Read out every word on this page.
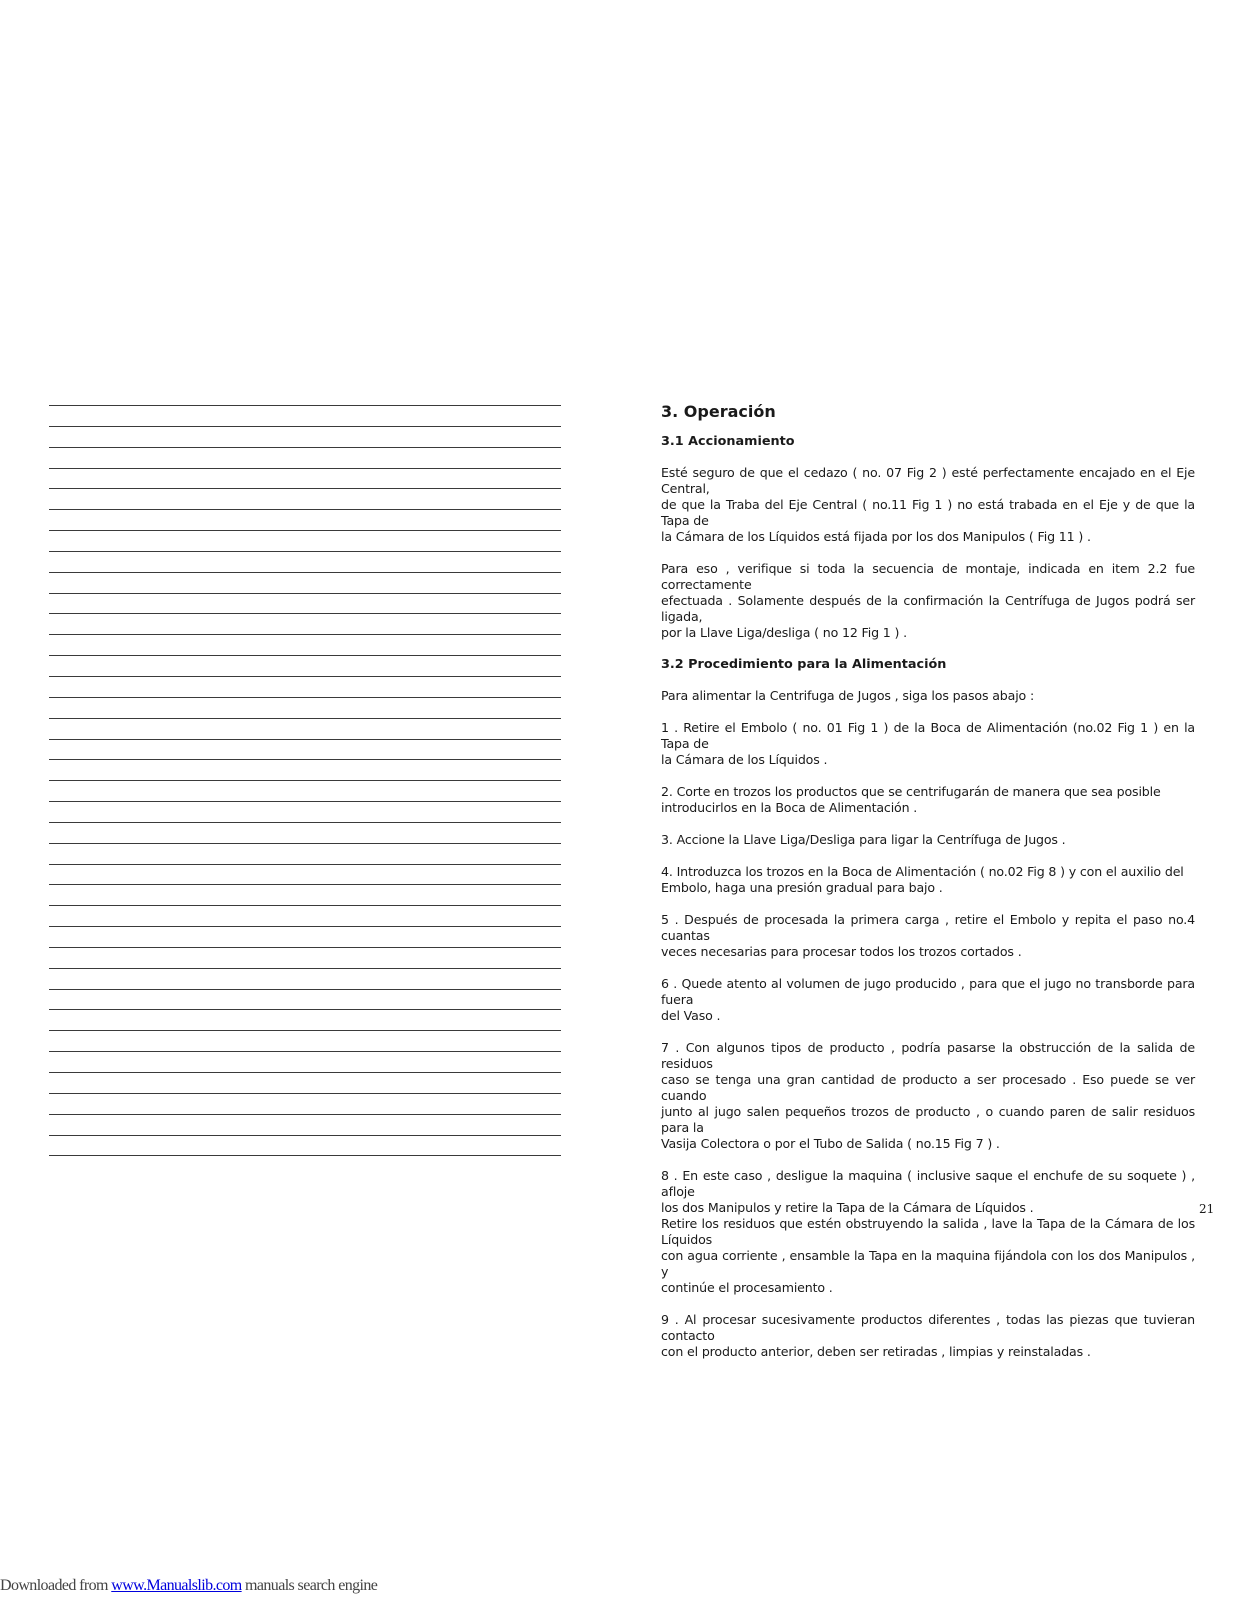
3. Operación
3.1 Accionamiento

Esté seguro de que el cedazo ( no. 07 Fig 2 ) esté perfectamente encajado en el Eje Central,
de que la Traba del Eje Central ( no.11 Fig 1 ) no está trabada en el Eje y de que la Tapa de
la Cámara de los Líquidos está fijada por los dos Manipulos ( Fig 11 ) .

Para eso , verifique si toda la secuencia de montaje, indicada en item 2.2 fue correctamente
efectuada . Solamente después de la confirmación la Centrífuga de Jugos podrá ser ligada,
por la Llave Liga/desliga ( no 12 Fig 1 ) .

3.2 Procedimiento para la Alimentación

Para alimentar la Centrifuga de Jugos , siga los pasos abajo :

1 . Retire el Embolo ( no. 01 Fig 1 ) de la Boca de Alimentación (no.02 Fig 1 ) en la Tapa de
la Cámara de los Líquidos .

2. Corte en trozos los productos que se centrifugarán de manera que sea posible
introducirlos en la Boca de Alimentación .

3. Accione la Llave Liga/Desliga para ligar la Centrífuga de Jugos .

4. Introduzca los trozos en la Boca de Alimentación ( no.02 Fig 8 ) y con el auxilio del
Embolo, haga una presión gradual para bajo .

5 . Después de procesada la primera carga , retire el Embolo y repita el paso no.4 cuantas
veces necesarias para procesar todos los trozos cortados .

6 . Quede atento al volumen de jugo producido , para que el jugo no transborde para fuera
del Vaso .

7 . Con algunos tipos de producto , podría pasarse la obstrucción de la salida de residuos
caso se tenga una gran cantidad de producto a ser procesado . Eso puede se ver cuando
junto al jugo salen pequeños trozos de producto , o cuando paren de salir residuos para la
Vasija Colectora o por el Tubo de Salida ( no.15 Fig 7 ) .

8 . En este caso , desligue la maquina ( inclusive saque el enchufe de su soquete ) , afloje
los dos Manipulos y retire la Tapa de la Cámara de Líquidos .
Retire los residuos que estén obstruyendo la salida , lave la Tapa de la Cámara de los Líquidos
con agua corriente , ensamble la Tapa en la maquina fijándola con los dos Manipulos , y
continúe el procesamiento .

9 . Al procesar sucesivamente productos diferentes , todas las piezas que tuvieran contacto
con el producto anterior, deben ser retiradas , limpias y reinstaladas .

21
Downloaded from www.Manualslib.com manuals search engine
